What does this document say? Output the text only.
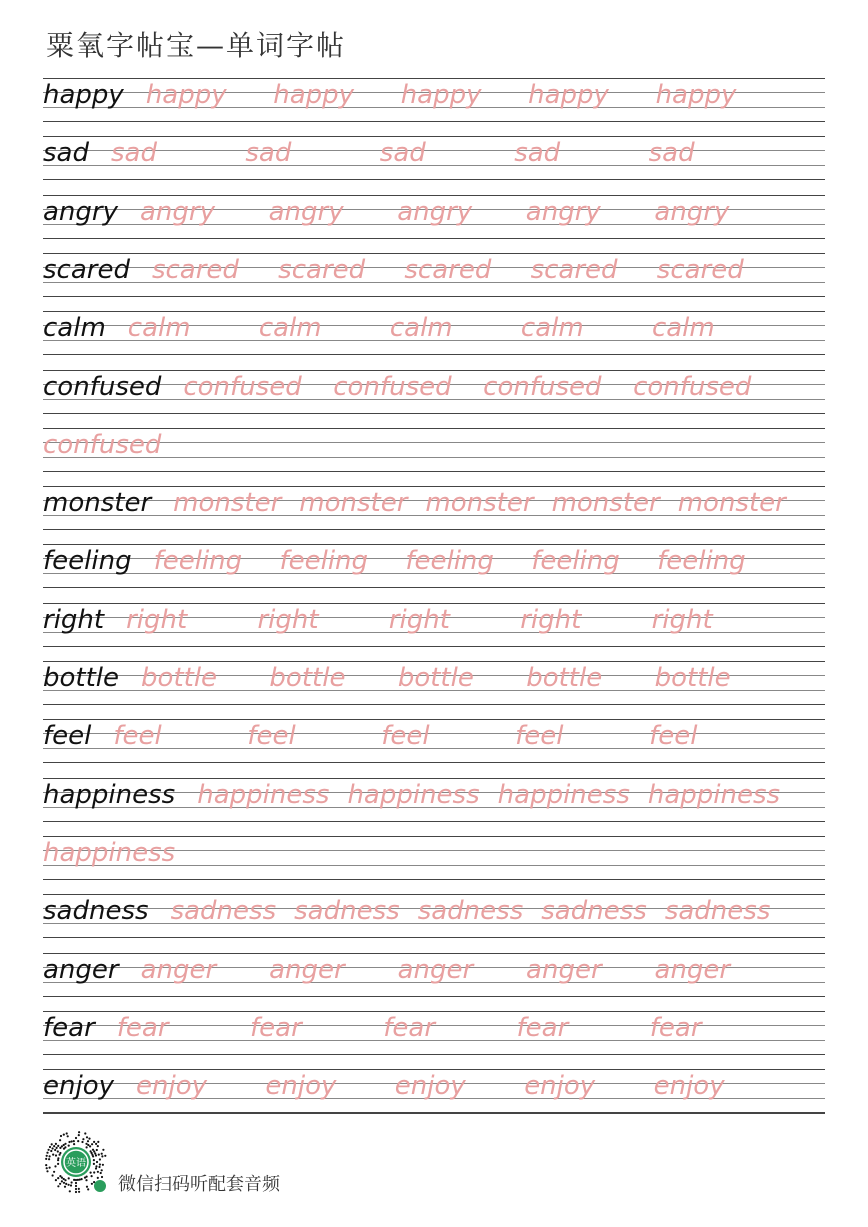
粟氧字帖宝—单词字帖
happy happy happy happy happy happy
sad sad	sad	sad	sad	sad
angry angry angry angry angry angry
scared scared scared scared scared scared
calm calm	calm	calm	calm	calm
confused confused confused confused confused
confused
monster monster monster monster monster monster
feeling feeling feeling feeling feeling feeling
right right	right	right	right	right
bottle bottle bottle bottle bottle bottle
feel feel	feel	feel	feel	feel
happiness happiness happiness happiness happiness
happiness
sadness sadness sadness sadness sadness sadness
anger anger anger anger anger anger
fear fear	fear	fear	fear	fear
enjoy enjoy enjoy enjoy enjoy enjoy
英语
微信扫码听配套音频
